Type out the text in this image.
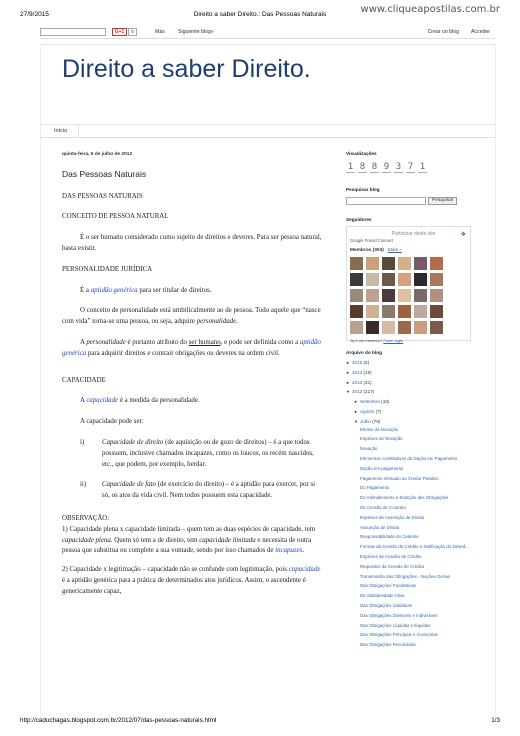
27/9/2015	Direito a saber Direito.: Das Pessoas Naturais	www.cliqueapostilas.com.br
G+1	0	Más	Siguiente blog»	Crear un blog Acceder
Direito a saber Direito.
Início
quinta-feira, 5 de julho de 2012
Das Pessoas Naturais

DAS PESSOAS NATURAIS

CONCEITO DE PESSOA NATURAL

É o ser humano considerado como sujeito de direitos e deveres. Para ser pessoa natural, basta existir.

PERSONALIDADE JURÍDICA

É a aptidão genérica para ser titular de direitos.

O conceito de personalidade está umbilicalmente ao de pessoa. Todo aquele que “nasce com vida” torna-se uma pessoa, ou seja, adquire personalidade.

A personalidade é portanto atributo do ser humano, e pode ser definida como a aptidão genérica para adquirir direitos e contrair obrigações ou deveres na ordem civil.

CAPACIDADE

A capacidade é a medida da personalidade.

A capacidade pode ser:

i)	Capacidade de direito (de aquisição ou de gozo de direitos) – é a que todos possuem, inclusive chamados incapazes, como os loucos, os recém nascidos, etc., que podem, por exemplo, herdar.
ii) Capacidade de fato (de exercício do direito) – é a aptidão para exercer, por si só, os atos da vida civil. Nem todos possuem esta capacidade.

OBSERVAÇÃO:

1) Capacidade plena x capacidade limitada – quem tem as duas espécies de capacidade, tem capacidade plena. Quem só tem a de direito, tem capacidade limitada e necessita de outra pessoa que substitua ou complete a sua vontade, sendo por isso chamados de incapazes.

2) Capacidade x legitimação – capacidade não se confunde com legitimação, pois capacidade é a aptidão genérica para a prática de determinados atos jurídicos. Assim, o ascendente é genericamente capaz,

Visualizações
1 8 8 9 3 7 1
Pesquisar blog
Pesquisar
Seguidores
Participar deste site
Google Friend Connect
❖
Membros (304) Mais »
Já é um membro? Fazer login
Arquivo do blog
► 2015 (5)
► 2014 (15)
► 2013 (31)
▼ 2012 (217)
► Setembro (10)
► Agosto (7)
▼ Julho (78)
Efeitos da Novação
Espécies de Novação
Novação
Elementos constitutivos da Dação em Pagamento
Dação em pagamento
Pagamento efetuado ao Credor Putativo
Do Pagamento
Do Adimplemento e Extinção das Obrigações
Da Cessão de Contrato
Espécies de Assunção de Dívida
Assunção de Dívida
Responsabilidade do Cedente
Formas da Cessão de Crédito e Notificação do Deved...
Espécies de Cessão de Crédito
Requisitos da Cessão de Crédito
Transmissão das Obrigações - Noções Gerais
Das Obrigações Facultativas
Da Solidariedade Ativa
Das Obrigações Solidárias
Das Obrigações Divisíveis e Indivisíveis
Das Obrigações Líquidas e Ilíquidas
Das Obrigações Principais e Acessórias
Das Obrigações Pecuniárias
http://caduchagas.blogspot.com.br/2012/07/das-pessoas-naturais.html	1/3
